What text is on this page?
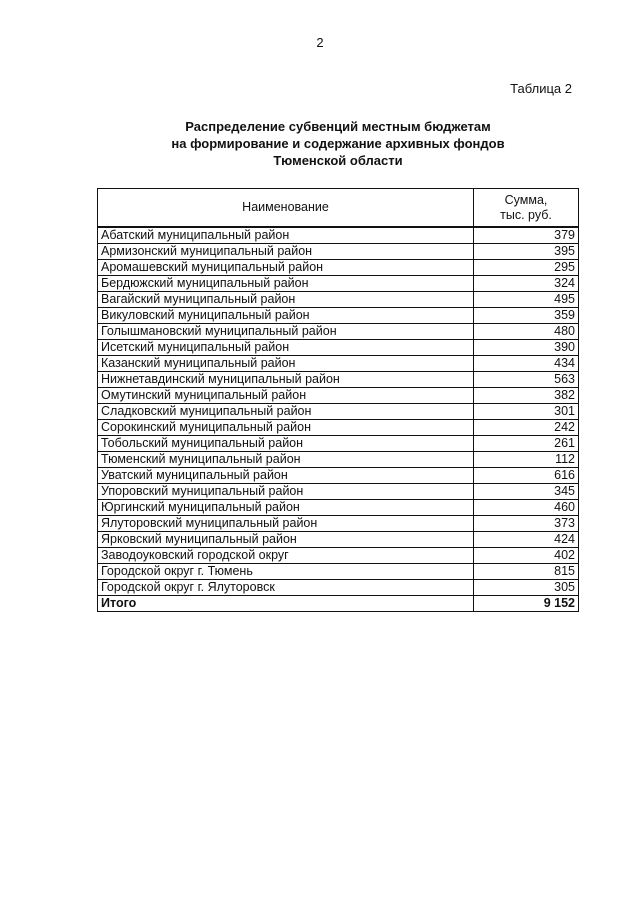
2
Таблица 2
Распределение субвенций местным бюджетам
на формирование и содержание архивных фондов
Тюменской области
Наименование	Сумма,
тыс. руб.

Абатский муниципальный район	379
Армизонский муниципальный район	395
Аромашевский муниципальный район	295
Бердюжский муниципальный район	324
Вагайский муниципальный район	495
Викуловский муниципальный район	359
Голышмановский муниципальный район	480
Исетский муниципальный район	390
Казанский муниципальный район	434
Нижнетавдинский муниципальный район	563
Омутинский муниципальный район	382
Сладковский муниципальный район	301
Сорокинский муниципальный район	242
Тобольский муниципальный район	261
Тюменский муниципальный район	112
Уватский муниципальный район	616
Упоровский муниципальный район	345
Юргинский муниципальный район	460
Ялуторовский муниципальный район	373
Ярковский муниципальный район	424
Заводоуковский городской округ	402
Городской округ г. Тюмень	815
Городской округ г. Ялуторовск	305
Итого	9 152
